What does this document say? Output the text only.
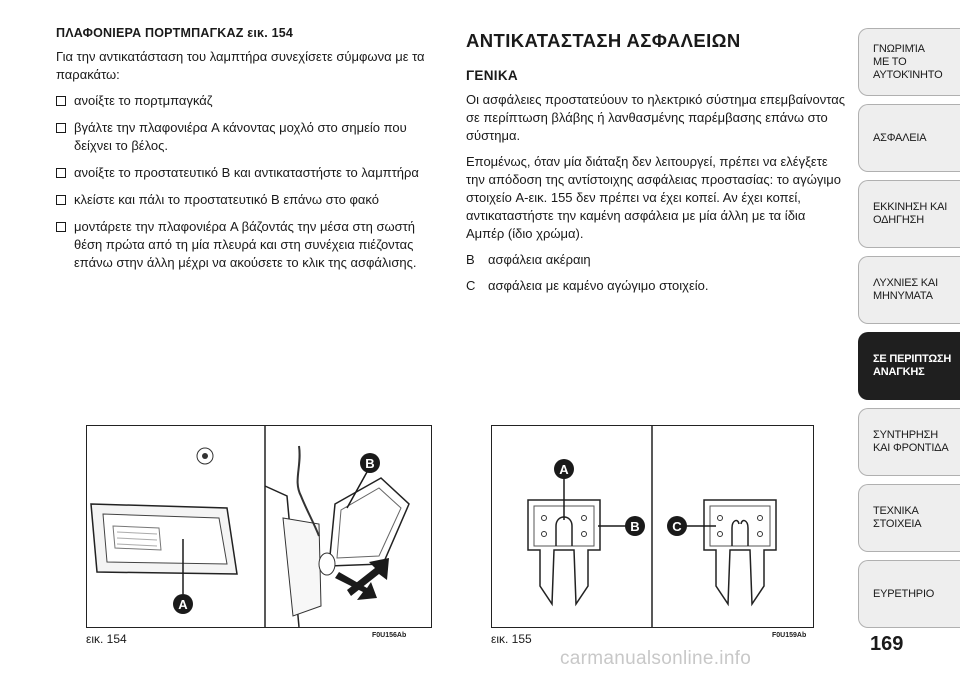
ΠΛΑΦΟΝΙΕΡΑ ΠΟΡΤΜΠΑΓΚΑΖ εικ. 154
Για την αντικατάσταση του λαμπτήρα συνεχίσετε σύμφωνα με τα παρακάτω:
ανοίξτε το πορτμπαγκάζ
βγάλτε την πλαφονιέρα A κάνοντας μοχλό στο σημείο που δείχνει το βέλος.
ανοίξτε το προστατευτικό B και αντικαταστήστε το λαμπτήρα
κλείστε και πάλι το προστατευτικό B επάνω στο φακό
μοντάρετε την πλαφονιέρα A βάζοντάς την μέσα στη σωστή θέση πρώτα από τη μία πλευρά και στη συνέχεια πιέζοντας επάνω στην άλλη μέχρι να ακούσετε το κλικ της ασφάλισης.
ΑΝΤΙΚΑΤΑΣΤΑΣΗ ΑΣΦΑΛΕΙΩΝ
ΓΕΝΙΚΑ
Οι ασφάλειες προστατεύουν το ηλεκτρικό σύστημα επεμβαίνοντας σε περίπτωση βλάβης ή λανθασμένης παρέμβασης επάνω στο σύστημα.
Επομένως, όταν μία διάταξη δεν λειτουργεί, πρέπει να ελέγξετε την απόδοση της αντίστοιχης ασφάλειας προστασίας: το αγώγιμο στοιχείο A-εικ. 155 δεν πρέπει να έχει κοπεί. Αν έχει κοπεί, αντικαταστήστε την καμένη ασφάλεια με μία άλλη με τα ίδια Αμπέρ (ίδιο χρώμα).
B	ασφάλεια ακέραιη
C ασφάλεια με καμένο αγώγιμο στοιχείο.
B
A
εικ. 154	F0U156Ab
A
B	C
εικ. 155	F0U159Ab
ΓΝΩΡΙΜΊΑ
ΜΕ ΤΟ
ΑΥΤΟΚΊΝΗΤΟ
ΑΣΦΑΛΕΙΑ
ΕΚΚΙΝΗΣΗ ΚΑΙ
ΟΔΗΓΗΣΗ
ΛΥΧΝΙΕΣ ΚΑΙ
ΜΗΝΥΜΑΤΑ
ΣΕ ΠΕΡΙΠΤΩΣΗ
ΑΝΑΓΚΗΣ
ΣΥΝΤΗΡΗΣΗ
ΚΑΙ ΦΡΟΝΤΙΔΑ
ΤΕΧΝΙΚΑ
ΣΤΟΙΧΕΙΑ
ΕΥΡΕΤΗΡΙΟ
169
carmanualsonline.info
